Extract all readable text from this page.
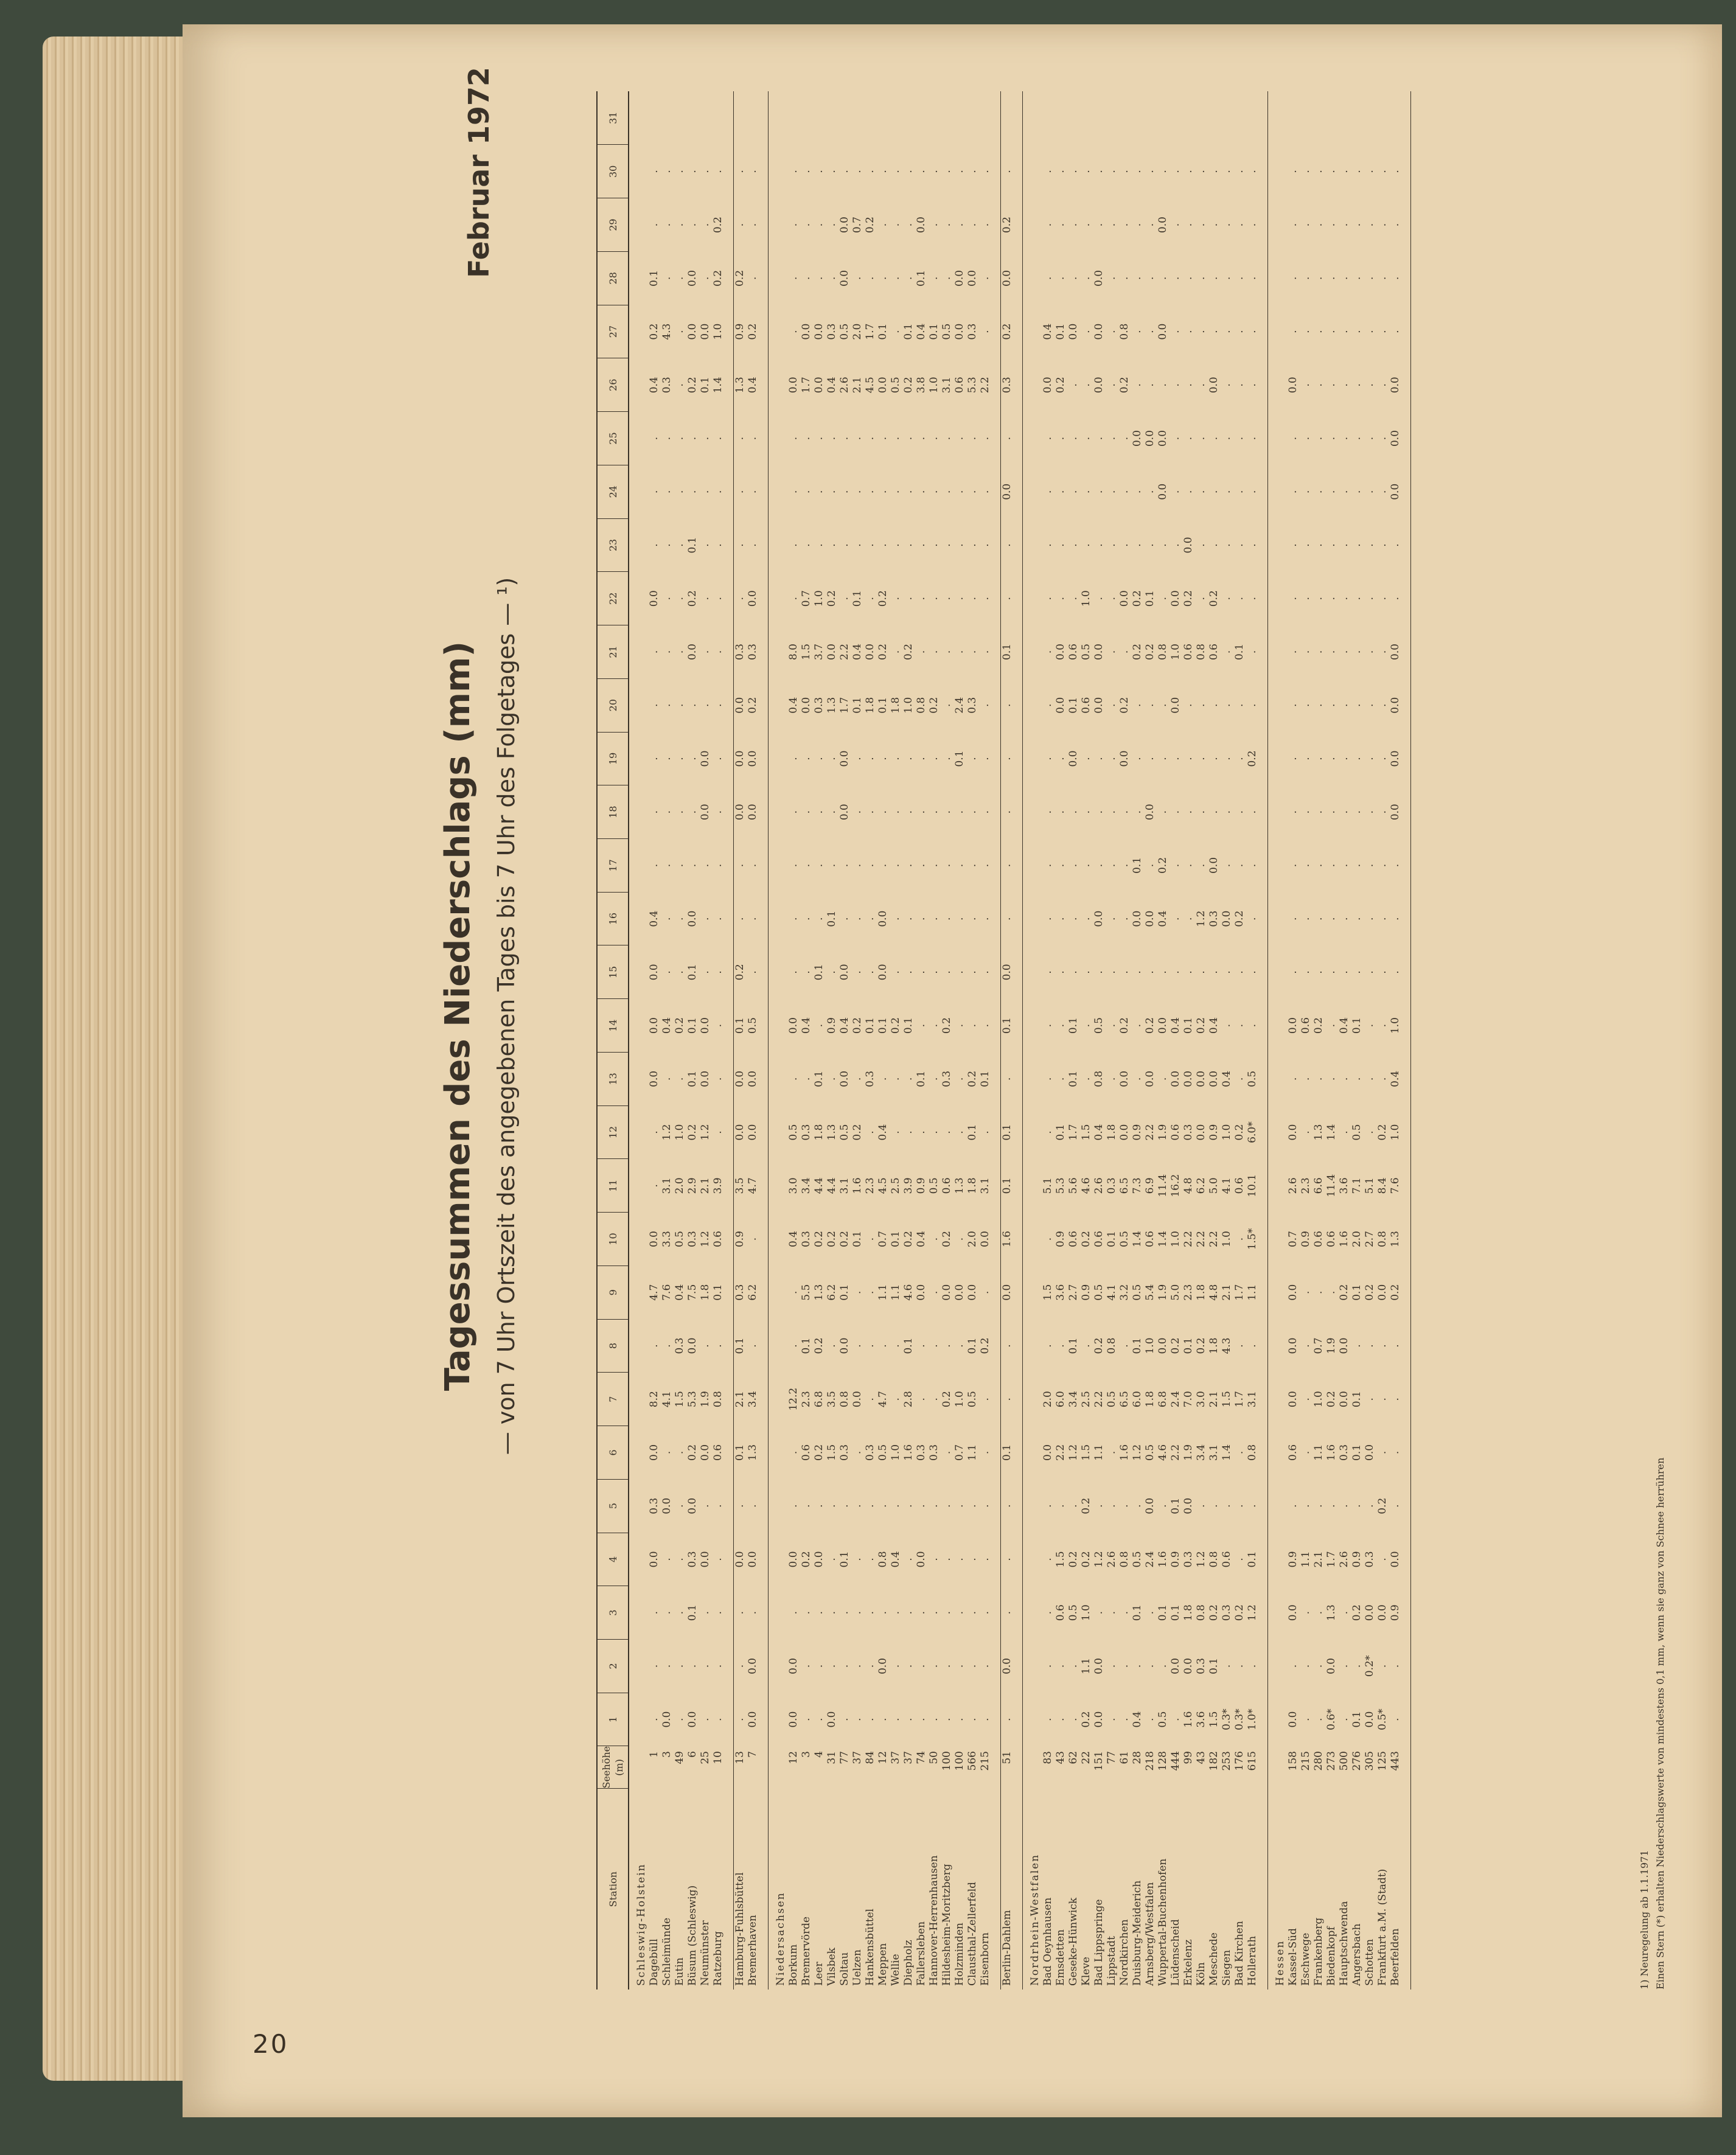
20
Tagessummen des Niederschlags (mm) — von 7 Uhr Ortszeit des angegebenen Tages bis 7 Uhr des Folgetages — ¹)
Februar 1972
Station	Seehöhe (m)	1	2	3	4	5	6	7	8	9	10	11	12	13	14	15	16	17	18	19	20	21	22	23	24	25	26	27	28	29	30	31
Schleswig-Holstein																																
Dagebüll	1	.	.	.	0.0	0.3	0.0	8.2	.	4.7	0.0	.	.	0.0	0.0	0.0	0.4	.	.	.	.	.	0.0	.	.	.	0.4	0.2	0.1	.	.	
Schleimünde	3	0.0	.	.	.	0.0	.	4.1	.	7.6	3.3	3.1	1.2	.	0.4	.	.	.	.	.	.	.	.	.	.	.	0.3	4.3	.	.	.	
Eutin	49	.	.	.	.	.	.	1.5	0.3	0.4	0.5	2.0	1.0	.	0.2	.	.	.	.	.	.	.	.	.	.	.	.	.	.	.	.	
Büsum (Schleswig)	6	0.0	.	0.1	0.3	0.0	0.2	5.3	0.0	7.5	0.3	2.9	0.2	0.1	0.1	0.1	0.0	.	.	.	.	0.0	0.2	0.1	.	.	0.2	0.0	0.0	.	.	
Neumünster	25	.	.	.	0.0	.	0.0	1.9	.	1.8	1.2	2.1	1.2	0.0	0.0	.	.	.	0.0	0.0	.	.	.	.	.	.	0.1	0.0	.	.	.	
Ratzeburg	10	.	.	.	.	.	0.6	0.8	.	0.1	0.6	3.9	.	.	.	.	.	.	.	.	.	.	.	.	.	.	1.4	1.0	0.2	0.2	.	

Hamburg-Fuhlsbüttel	13	.	.	.	0.0	.	0.1	2.1	0.1	0.3	0.9	3.5	0.0	0.0	0.1	0.2	.	.	0.0	0.0	0.0	0.3	.	.	.	.	1.3	0.9	0.2	.	.	
Bremerhaven	7	0.0	0.0	.	0.0	.	1.3	3.4	.	6.2	.	4.7	0.0	0.0	0.5	.	.	.	0.0	0.0	0.2	0.3	0.0	.	.	.	0.4	0.2	.	.	.	

Niedersachsen																																
Borkum	12	0.0	0.0	.	0.0	.	.	12.2	.	.	0.4	3.0	0.5	.	0.0	.	.	.	.	.	0.4	8.0	.	.	.	.	0.0	.	.	.	.	
Bremervörde	3	.	.	.	0.2	.	0.6	2.3	0.1	5.5	0.3	3.4	0.3	.	0.4	.	.	.	.	.	0.0	1.5	0.7	.	.	.	1.7	0.0	.	.	.	
Leer	4	.	.	.	0.0	.	0.2	6.8	0.2	1.3	0.2	4.4	1.8	0.1	.	0.1	.	.	.	.	0.3	3.7	1.0	.	.	.	0.0	0.0	.	.	.	
Vilsbek	31	0.0	.	.	.	.	1.5	3.5	.	6.2	0.2	4.4	1.3	.	0.9	.	0.1	.	.	.	1.3	0.0	0.2	.	.	.	0.4	0.3	.	.	.	
Soltau	77	.	.	.	0.1	.	0.3	0.8	0.0	0.1	0.2	3.1	0.5	0.0	0.4	0.0	.	.	0.0	0.0	1.7	2.2	.	.	.	.	2.6	0.5	0.0	0.0	.	
Uelzen	37	.	.	.	.	.	.	0.0	.	.	0.1	1.6	0.2	.	0.2	.	.	.	.	.	0.1	0.4	0.1	.	.	.	2.1	2.0	.	0.7	.	
Hankensbüttel	84	.	.	.	.	.	0.3	.	.	.	.	2.3	.	0.3	0.1	.	.	.	.	.	1.8	0.0	.	.	.	.	4.5	1.7	.	0.2	.	
Meppen	12	.	0.0	.	0.8	.	0.5	4.7	.	1.1	0.7	4.5	0.4	.	0.1	0.0	0.0	.	.	.	0.1	0.2	0.2	.	.	.	0.0	0.1	.	.	.	
Wellie	37	.	.	.	0.4	.	1.0	.	.	1.1	0.1	2.5	.	.	0.2	.	.	.	.	.	1.8	.	.	.	.	.	0.5	.	.	.	.	
Diepholz	37	.	.	.	.	.	1.6	2.8	0.1	4.6	0.2	3.9	.	.	0.1	.	.	.	.	.	1.0	0.2	.	.	.	.	0.2	0.1	.	.	.	
Fallersleben	74	.	.	.	0.0	.	0.3	.	.	0.0	0.4	0.9	.	0.1	.	.	.	.	.	.	0.8	.	.	.	.	.	3.8	0.4	0.1	0.0	.	
Hannover-Herrenhausen	50	.	.	.	.	.	0.3	.	.	.	.	0.5	.	.	.	.	.	.	.	.	0.2	.	.	.	.	.	1.0	0.1	.	.	.	
Hildesheim-Moritzberg	100	.	.	.	.	.	.	0.2	.	0.0	0.2	0.6	.	0.3	0.2	.	.	.	.	.	.	.	.	.	.	.	3.1	0.5	.	.	.	
Holzminden	100	.	.	.	.	.	0.7	1.0	.	0.0	.	1.3	.	.	.	.	.	.	.	0.1	2.4	.	.	.	.	.	0.6	0.0	0.0	.	.	
Clausthal-Zellerfeld	566	.	.	.	.	.	1.1	0.5	0.1	0.0	2.0	1.8	0.1	0.2	.	.	.	.	.	.	0.3	.	.	.	.	.	5.3	0.3	0.0	.	.	
Eisenborn	215	.	.	.	.	.	.	.	0.2	.	0.0	3.1	.	0.1	.	.	.	.	.	.	.	.	.	.	.	.	2.2	.	.	.	.	

Berlin-Dahlem	51	.	0.0	.	.	.	0.1	.	.	0.0	1.6	0.1	0.1	.	0.1	0.0	.	.	.	.	.	0.1	.	.	0.0	.	0.3	0.2	0.0	0.2	.	

Nordrhein-Westfalen																																
Bad Oeynhausen	83	.	.	.	.	.	0.0	2.0	.	1.5	.	5.1	.	.	.	.	.	.	.	.	.	.	.	.	.	.	0.0	0.4	.	.	.	
Emsdetten	43	.	.	0.6	1.5	.	2.2	6.0	.	3.6	0.9	5.3	0.1	.	.	.	.	.	.	.	0.0	0.0	.	.	.	.	0.2	0.1	.	.	.	
Geseke-Hünwick	62	.	.	0.5	0.2	.	1.2	3.4	0.1	2.7	0.6	5.6	1.7	0.1	0.1	.	.	.	.	0.0	0.1	0.6	.	.	.	.	.	0.0	.	.	.	
Kleve	22	0.2	1.1	1.0	0.2	0.2	1.5	2.5	.	0.9	0.2	4.6	1.5	.	.	.	.	.	.	.	0.6	0.5	1.0	.	.	.	.	.	.	.	.	
Bad Lippspringe	151	0.0	0.0	.	1.2	.	1.1	2.2	0.2	0.5	0.6	2.6	0.4	0.8	0.5	.	0.0	.	.	.	0.0	0.0	.	.	.	.	0.0	0.0	0.0	.	.	
Lippstadt	77	.	.	.	2.6	.	.	0.5	0.8	4.1	0.1	0.3	1.8	.	.	.	.	.	.	.	.	.	.	.	.	.	.	.	.	.	.	
Nordkirchen	61	.	.	.	0.8	.	1.6	6.5	.	3.2	0.5	6.5	0.0	0.0	0.2	.	.	.	.	0.0	0.2	.	0.0	.	.	.	0.2	0.8	.	.	.	
Duisburg-Meiderich	28	0.4	.	0.1	0.5	.	1.2	6.0	0.1	0.5	1.4	7.3	0.9	.	.	.	0.0	0.1	.	.	.	0.2	0.2	.	.	0.0	.	.	.	.	.	
Arnsberg/Westfalen	218	.	.	.	2.4	0.0	0.5	1.8	1.0	5.4	0.6	6.9	2.2	0.0	0.2	.	0.0	.	0.0	.	.	0.2	0.1	.	.	0.0	.	.	.	.	.	
Wuppertal-Buchenhofen	128	0.5	.	0.1	1.6	.	4.6	6.8	0.0	1.9	1.4	11.4	1.9	.	0.0	.	0.4	0.2	.	.	.	0.8	.	.	0.0	0.0	.	0.0	.	0.0	.	
Lüdenscheid	444	.	0.0	0.1	0.9	0.1	2.2	2.4	0.2	5.0	1.0	16.2	0.6	0.0	0.4	.	.	.	.	.	0.0	1.0	0.0	.	.	.	.	.	.	.	.	
Erkelenz	99	1.6	0.0	1.8	0.3	0.0	1.9	7.0	0.1	2.3	2.2	4.8	0.3	0.0	0.1	.	.	.	.	.	.	0.6	0.2	0.0	.	.	.	.	.	.	.	
Köln	43	3.6	0.3	0.8	1.2	.	3.4	3.0	0.2	1.8	2.2	6.2	0.0	0.0	0.2	.	1.2	.	.	.	.	0.8	.	.	.	.	.	.	.	.	.	
Meschede	182	1.5	0.1	0.2	0.8	.	3.1	2.1	1.8	4.8	2.2	5.0	0.9	0.0	0.4	.	0.3	0.0	.	.	.	0.6	0.2	.	.	.	0.0	.	.	.	.	
Siegen	253	0.3*	.	0.3	0.6	.	1.4	1.5	4.3	2.1	1.0	4.1	1.0	0.4	.	.	0.0	.	.	.	.	.	.	.	.	.	.	.	.	.	.	
Bad Kirchen	176	0.3*	.	0.2	.	.	.	1.7	.	1.7	.	0.6	0.2	.	.	.	0.2	.	.	.	.	0.1	.	.	.	.	.	.	.	.	.	
Hollerath	615	1.0*	.	1.2	0.1	.	0.8	3.1	.	1.1	1.5*	10.1	6.0*	0.5	.	.	.	.	.	0.2	.	.	.	.	.	.	.	.	.	.	.	

Hessen																																
Kassel-Süd	158	0.0	.	0.0	0.9	.	0.6	0.0	0.0	0.0	0.7	2.6	0.0	.	0.0	.	.	.	.	.	.	.	.	.	.	.	0.0	.	.	.	.	
Eschwege	215	.	.	.	1.1	.	.	.	.	.	0.9	2.3	.	.	0.6	.	.	.	.	.	.	.	.	.	.	.	.	.	.	.	.	
Frankenberg	280	.	.	.	2.1	.	1.1	1.0	0.7	.	0.6	6.6	1.3	.	0.2	.	.	.	.	.	.	.	.	.	.	.	.	.	.	.	.	
Biedenkopf	273	0.6*	0.0	1.3	1.7	.	1.6	0.2	1.9	.	0.6	11.4	1.4	.	.	.	.	.	.	.	.	.	.	.	.	.	.	.	.	.	.	
Hauptschwenda	500	.	.	.	2.6	.	0.3	0.0	0.0	0.2	1.6	3.6	.	.	0.4	.	.	.	.	.	.	.	.	.	.	.	.	.	.	.	.	
Angersbach	276	0.1	.	0.2	0.9	.	0.1	0.1	.	0.1	2.0	7.1	0.5	.	0.1	.	.	.	.	.	.	.	.	.	.	.	.	.	.	.	.	
Schotten	305	0.0	0.2*	0.0	0.3	.	0.0	.	.	0.2	2.7	5.1	.	.	.	.	.	.	.	.	.	.	.	.	.	.	.	.	.	.	.	
Frankfurt a.M. (Stadt)	125	0.5*	.	0.0	.	0.2	.	.	.	0.0	0.8	8.4	0.2	.	.	.	.	.	.	.	.	.	.	.	.	.	.	.	.	.	.	
Beerfelden	443	.	.	0.9	0.0	.	.	.	.	0.2	1.3	7.6	1.0	0.4	1.0	.	.	.	0.0	0.0	0.0	0.0	.	.	0.0	0.0	0.0	.	.	.	.	

1) Neuregelung ab 1.1.1971 Einen Stern (*) erhalten Niederschlagswerte von mindestens 0,1 mm, wenn sie ganz von Schnee herrühren
